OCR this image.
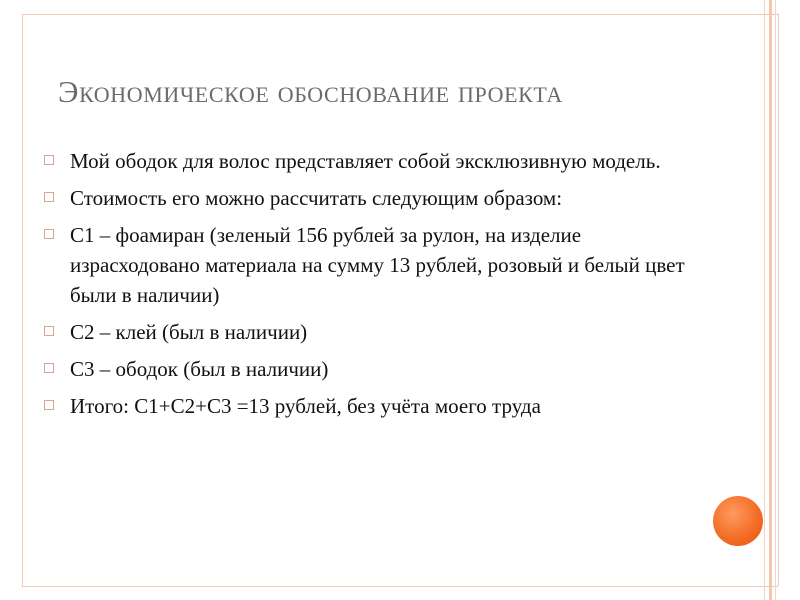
Экономическое обоснование проекта
Мой ободок для волос представляет собой эксклюзивную модель.
Стоимость его можно рассчитать следующим образом:
С1 – фоамиран (зеленый 156 рублей за рулон, на изделие израсходовано материала на сумму 13 рублей, розовый и белый цвет были в наличии)
С2 – клей (был в наличии)
С3 – ободок (был в наличии)
Итого: С1+С2+С3 =13 рублей, без учёта моего труда
